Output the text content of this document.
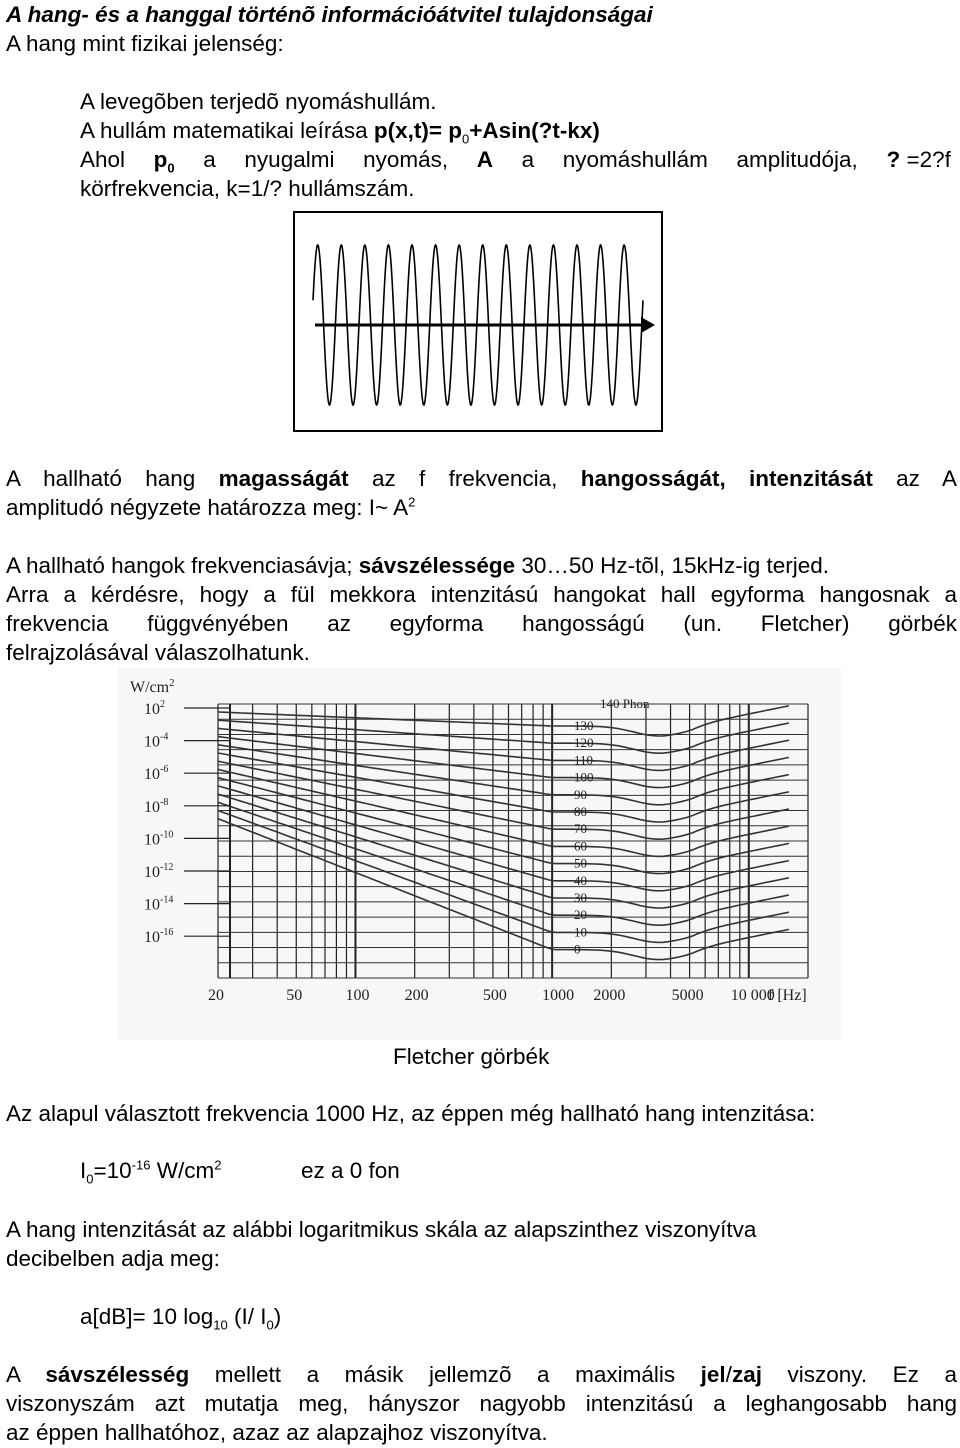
A hang- és a hanggal történõ információátvitel tulajdonságai
A hang mint fizikai jelenség:
A levegõben terjedõ nyomáshullám.
A hullám matematikai leírása $p(x,t)= p_0+Asin(?t-kx)$
Ahol $p_0$ a nyugalmi nyomás, A a nyomáshullám amplitudója, ? =2?f
körfrekvencia, k=1/? hullámszám.
A hallható hang magasságát az f frekvencia, hangosságát, intenzitását az A
amplitudó négyzete határozza meg: I~ $A^2$
A hallható hangok frekvenciasávja; sávszélessége 30…50 Hz-tõl, 15kHz-ig terjed.
Arra a kérdésre, hogy a fül mekkora intenzitású hangokat hall egyforma hangosnak a
frekvencia függvényében az egyforma hangosságú (un. Fletcher) görbék
felrajzolásával válaszolhatunk.
$10^2$
$10^{-4}$
$10^{-6}$
$10^{-8}$
$10^{-10}$
$10^{-12}$
$10^{-14}$
$10^{-16}$
20	50	100 200	500 1000 2000	5000 10 000
f [Hz]
130
120
110
100
90
80
70
60
50
40
30
20
10
0
$W/cm^2$
140 Phon
Fletcher görbék
Az alapul választott frekvencia 1000 Hz, az éppen még hallható hang intenzitása:
$I_0=10^{-16}$ $W/cm^2$	ez a 0 fon
A hang intenzitását az alábbi logaritmikus skála az alapszinthez viszonyítva
decibelben adja meg:
a[dB]= 10 $\log_{10} (I/$ $I_0$)
A sávszélesség mellett a másik jellemzõ a maximális jel/zaj viszony. Ez a
viszonyszám azt mutatja meg, hányszor nagyobb intenzitású a leghangosabb hang
az éppen hallhatóhoz, azaz az alapzajhoz viszonyítva.
